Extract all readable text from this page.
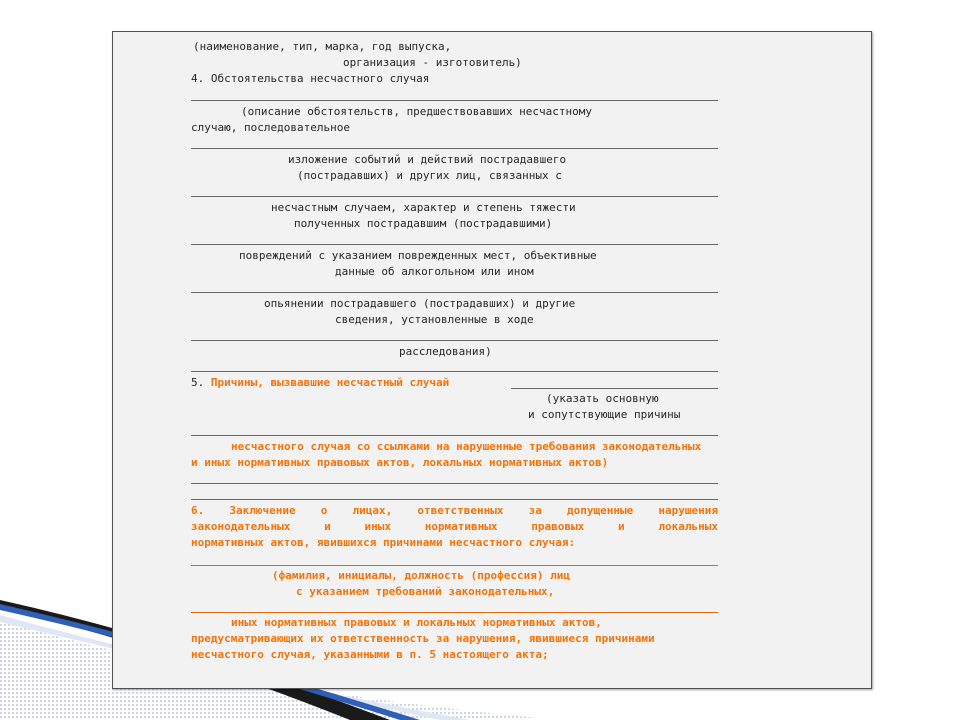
(наименование, тип, марка, год выпуска,

организация - изготовитель)

4. Обстоятельства несчастного случая

(описание обстоятельств, предшествовавших несчастному

случаю, последовательное

изложение событий и действий пострадавшего

(пострадавших) и других лиц, связанных с

несчастным случаем, характер и степень тяжести

полученных пострадавшим (пострадавшими)

повреждений с указанием поврежденных мест, объективные

данные об алкогольном или ином

опьянении пострадавшего (пострадавших) и другие

сведения, установленные в ходе

расследования)

5. Причины, вызвавшие несчастный случай

(указать основную

и сопутствующие причины

несчастного случая со ссылками на нарушенные требования законодательных

и иных нормативных правовых актов, локальных нормативных актов)

6. Заключение о лицах, ответственных за допущенные нарушения

законодательных и иных нормативных правовых и локальных

нормативных актов, явившихся причинами несчастного случая:

(фамилия, инициалы, должность (профессия) лиц

с указанием требований законодательных,

иных нормативных правовых и локальных нормативных актов,

предусматривающих их ответственность за нарушения, явившиеся причинами

несчастного случая, указанными в п. 5 настоящего акта;
